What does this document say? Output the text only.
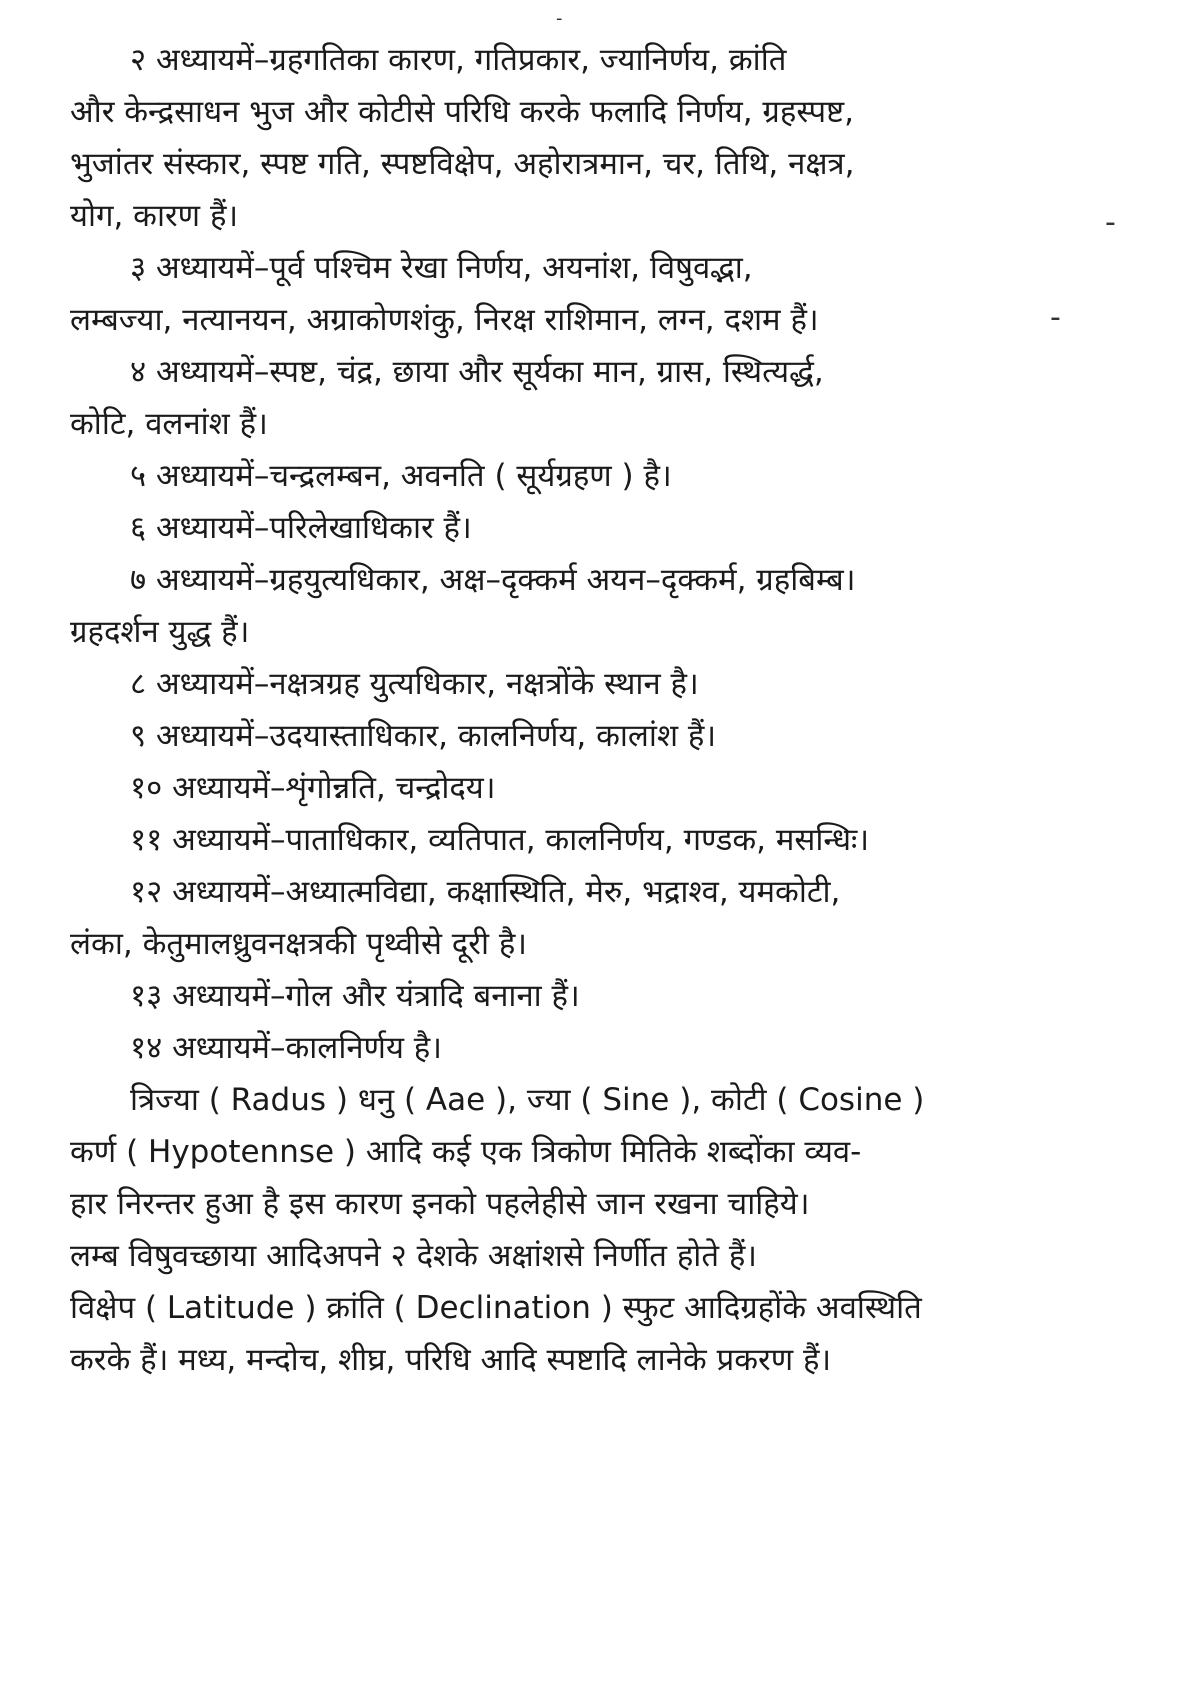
-
-
-
२ अध्यायमें–ग्रहगतिका कारण, गतिप्रकार, ज्यानिर्णय, क्रांति
और केन्द्रसाधन भुज और कोटीसे परिधि करके फलादि निर्णय, ग्रहस्पष्ट,
भुजांतर संस्कार, स्पष्ट गति, स्पष्टविक्षेप, अहोरात्रमान, चर, तिथि, नक्षत्र,
योग, कारण हैं।
३ अध्यायमें–पूर्व पश्चिम रेखा निर्णय, अयनांश, विषुवद्भा,
लम्बज्या, नत्यानयन, अग्राकोणशंकु, निरक्ष राशिमान, लग्न, दशम हैं।
४ अध्यायमें–स्पष्ट, चंद्र, छाया और सूर्यका मान, ग्रास, स्थित्यर्द्ध,
कोटि, वलनांश हैं।
५ अध्यायमें–चन्द्रलम्बन, अवनति ( सूर्यग्रहण ) है।
६ अध्यायमें–परिलेखाधिकार हैं।
७ अध्यायमें–ग्रहयुत्यधिकार, अक्ष–दृक्कर्म अयन–दृक्कर्म, ग्रहबिम्ब।
ग्रहदर्शन युद्ध हैं।
८ अध्यायमें–नक्षत्रग्रह युत्यधिकार, नक्षत्रोंके स्थान है।
९ अध्यायमें–उदयास्ताधिकार, कालनिर्णय, कालांश हैं।
१० अध्यायमें–शृंगोन्नति, चन्द्रोदय।
११ अध्यायमें–पाताधिकार, व्यतिपात, कालनिर्णय, गण्डक, मसन्धिः।
१२ अध्यायमें–अध्यात्मविद्या, कक्षास्थिति, मेरु, भद्राश्व, यमकोटी,
लंका, केतुमालध्रुवनक्षत्रकी पृथ्वीसे दूरी है।
१३ अध्यायमें–गोल और यंत्रादि बनाना हैं।
१४ अध्यायमें–कालनिर्णय है।
त्रिज्या ( Radus ) धनु ( Aae ), ज्या ( Sine ), कोटी ( Cosine )
कर्ण ( Hypotennse ) आदि कई एक त्रिकोण मितिके शब्दोंका व्यव-
हार निरन्तर हुआ है इस कारण इनको पहलेहीसे जान रखना चाहिये।
लम्ब विषुवच्छाया आदिअपने २ देशके अक्षांशसे निर्णीत होते हैं।
विक्षेप ( Latitude ) क्रांति ( Declination ) स्फुट आदिग्रहोंके अवस्थिति
करके हैं। मध्य, मन्दोच, शीघ्र, परिधि आदि स्पष्टादि लानेके प्रकरण हैं।
